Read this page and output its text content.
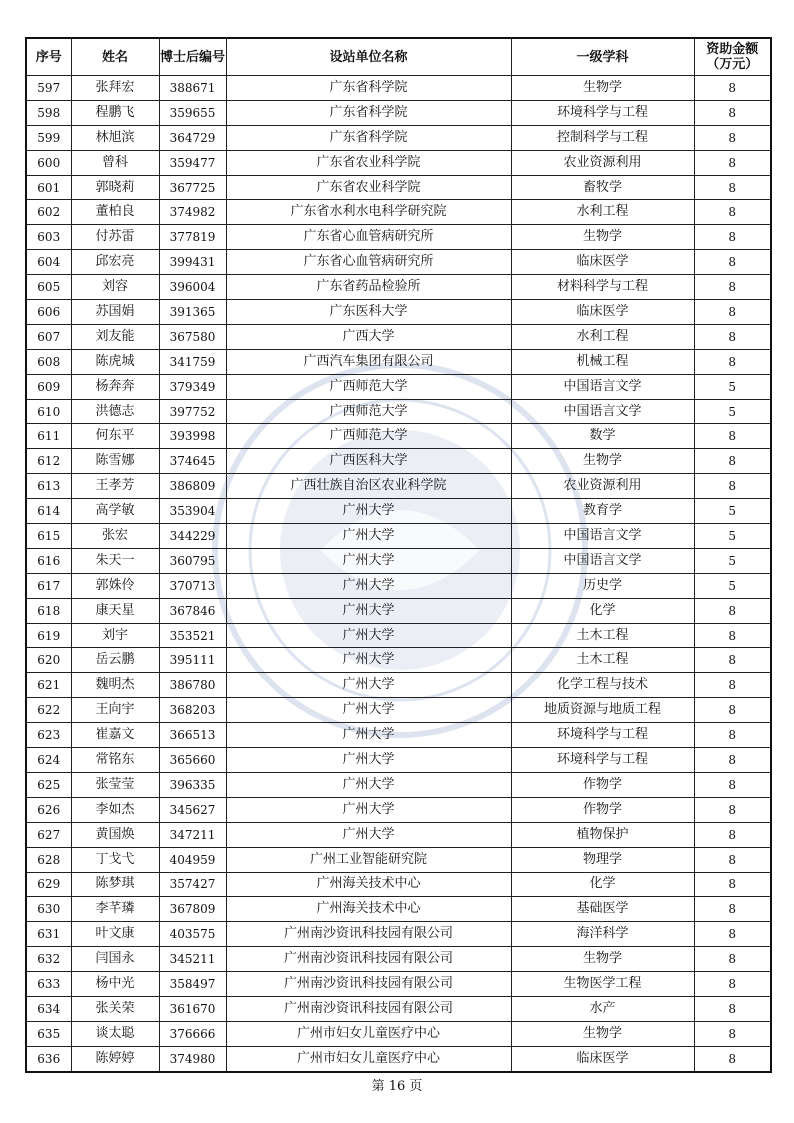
序号	姓名	博士后编号	设站单位名称	一级学科	资助金额（万元）
597	张拜宏	388671	广东省科学院	生物学	8
598	程鹏飞	359655	广东省科学院	环境科学与工程	8
599	林旭滨	364729	广东省科学院	控制科学与工程	8
600	曾科	359477	广东省农业科学院	农业资源利用	8
601	郭晓莉	367725	广东省农业科学院	畜牧学	8
602	董柏良	374982	广东省水利水电科学研究院	水利工程	8
603	付苏雷	377819	广东省心血管病研究所	生物学	8
604	邱宏亮	399431	广东省心血管病研究所	临床医学	8
605	刘容	396004	广东省药品检验所	材料科学与工程	8
606	苏国娟	391365	广东医科大学	临床医学	8
607	刘友能	367580	广西大学	水利工程	8
608	陈虎城	341759	广西汽车集团有限公司	机械工程	8
609	杨奔奔	379349	广西师范大学	中国语言文学	5
610	洪德志	397752	广西师范大学	中国语言文学	5
611	何东平	393998	广西师范大学	数学	8
612	陈雪娜	374645	广西医科大学	生物学	8
613	王孝芳	386809	广西壮族自治区农业科学院	农业资源利用	8
614	高学敏	353904	广州大学	教育学	5
615	张宏	344229	广州大学	中国语言文学	5
616	朱天一	360795	广州大学	中国语言文学	5
617	郭姝伶	370713	广州大学	历史学	5
618	康天星	367846	广州大学	化学	8
619	刘宇	353521	广州大学	土木工程	8
620	岳云鹏	395111	广州大学	土木工程	8
621	魏明杰	386780	广州大学	化学工程与技术	8
622	王向宇	368203	广州大学	地质资源与地质工程	8
623	崔嘉文	366513	广州大学	环境科学与工程	8
624	常铭东	365660	广州大学	环境科学与工程	8
625	张莹莹	396335	广州大学	作物学	8
626	李如杰	345627	广州大学	作物学	8
627	黄国焕	347211	广州大学	植物保护	8
628	丁戈弋	404959	广州工业智能研究院	物理学	8
629	陈梦琪	357427	广州海关技术中心	化学	8
630	李芊璘	367809	广州海关技术中心	基础医学	8
631	叶文康	403575	广州南沙资讯科技园有限公司	海洋科学	8
632	闫国永	345211	广州南沙资讯科技园有限公司	生物学	8
633	杨中光	358497	广州南沙资讯科技园有限公司	生物医学工程	8
634	张关荣	361670	广州南沙资讯科技园有限公司	水产	8
635	谈太聪	376666	广州市妇女儿童医疗中心	生物学	8
636	陈婷婷	374980	广州市妇女儿童医疗中心	临床医学	8
第 16 页
